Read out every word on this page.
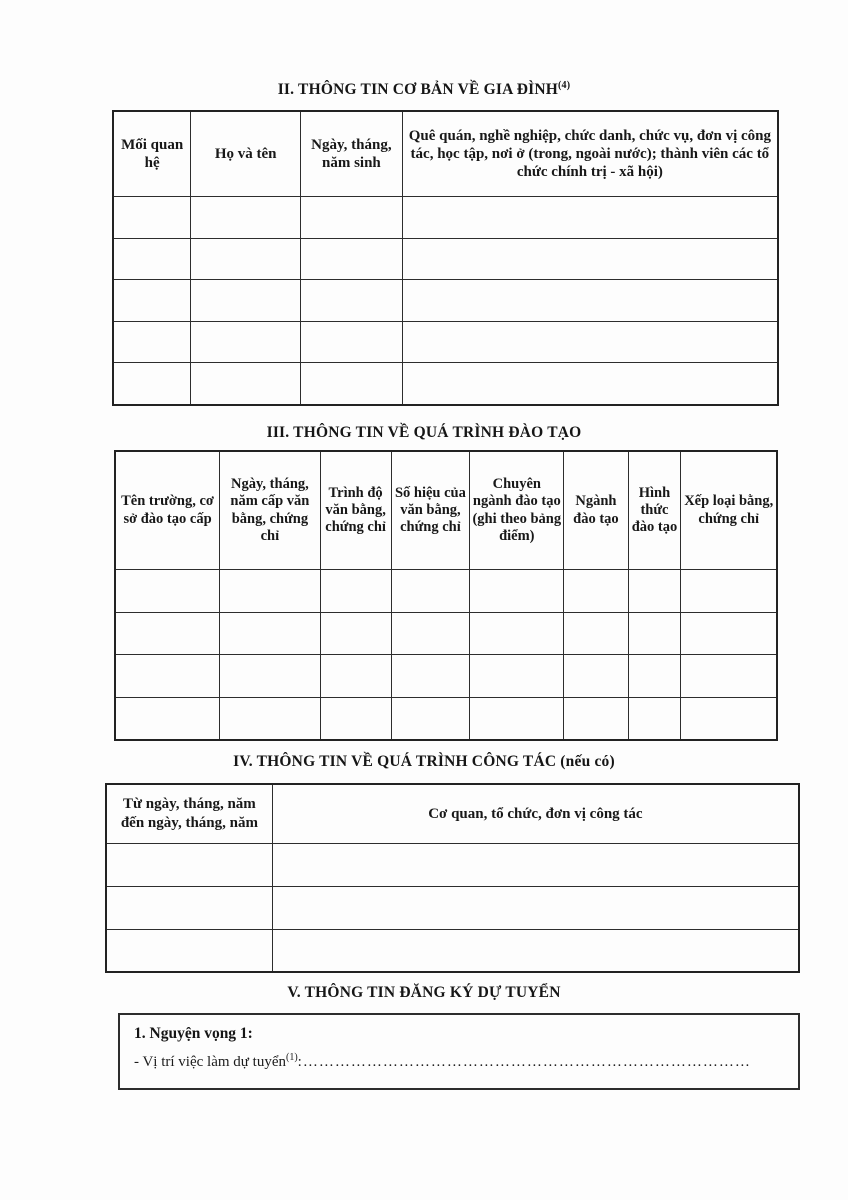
II. THÔNG TIN CƠ BẢN VỀ GIA ĐÌNH$^{(4)}$
Mối quan hệ	Họ và tên	Ngày, tháng, năm sinh	Quê quán, nghề nghiệp, chức danh, chức vụ, đơn vị công tác, học tập, nơi ở (trong, ngoài nước); thành viên các tổ chức chính trị - xã hội)

III. THÔNG TIN VỀ QUÁ TRÌNH ĐÀO TẠO
Tên trường, cơ sở đào tạo cấp	Ngày, tháng, năm cấp văn bằng, chứng chỉ	Trình độ văn bằng, chứng chỉ	Số hiệu của văn bằng, chứng chỉ	Chuyên ngành đào tạo (ghi theo bảng điểm)	Ngành đào tạo	Hình thức đào tạo	Xếp loại bằng, chứng chỉ

IV. THÔNG TIN VỀ QUÁ TRÌNH CÔNG TÁC (nếu có)
Từ ngày, tháng, năm đến ngày, tháng, năm	Cơ quan, tổ chức, đơn vị công tác

V. THÔNG TIN ĐĂNG KÝ DỰ TUYỂN
1. Nguyện vọng 1:
- Vị trí việc làm dự tuyển$^{(1)}$:…………………………………………………………………………
